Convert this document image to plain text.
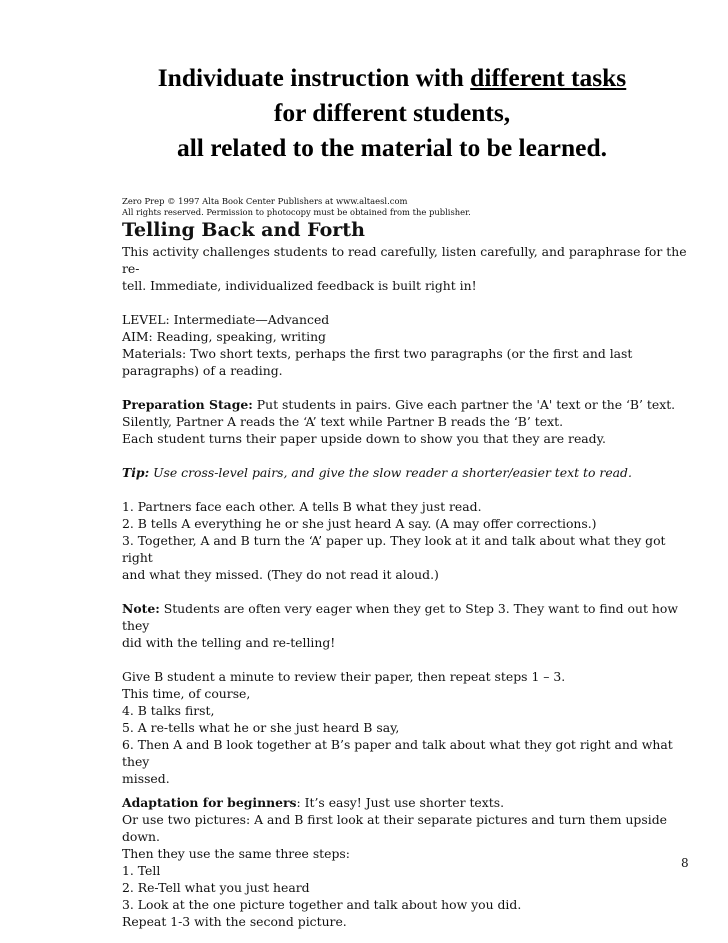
Individuate instruction with different tasks
for different students,
all related to the material to be learned.
Zero Prep © 1997 Alta Book Center Publishers at www.altaesl.com
All rights reserved. Permission to photocopy must be obtained from the publisher.
Telling Back and Forth

This activity challenges students to read carefully, listen carefully, and paraphrase for the re-

tell. Immediate, individualized feedback is built right in!

LEVEL: Intermediate—Advanced

AIM: Reading, speaking, writing

Materials: Two short texts, perhaps the first two paragraphs (or the first and last

paragraphs) of a reading.

Preparation Stage: Put students in pairs. Give each partner the 'A' text or the ‘B’ text.

Silently, Partner A reads the ‘A’ text while Partner B reads the ‘B’ text.

Each student turns their paper upside down to show you that they are ready.

Tip: Use cross-level pairs, and give the slow reader a shorter/easier text to read.

1. Partners face each other. A tells B what they just read.

2. B tells A everything he or she just heard A say. (A may offer corrections.)

3. Together, A and B turn the ‘A’ paper up. They look at it and talk about what they got right

and what they missed. (They do not read it aloud.)

Note: Students are often very eager when they get to Step 3. They want to find out how they

did with the telling and re-telling!

Give B student a minute to review their paper, then repeat steps 1 – 3.

This time, of course,

4. B talks first,

5. A re-tells what he or she just heard B say,

6. Then A and B look together at B’s paper and talk about what they got right and what they

missed.

Adaptation for beginners: It’s easy! Just use shorter texts.

Or use two pictures: A and B first look at their separate pictures and turn them upside down.

Then they use the same three steps:

1. Tell

2. Re-Tell what you just heard

3. Look at the one picture together and talk about how you did.

Repeat 1-3 with the second picture.

8
